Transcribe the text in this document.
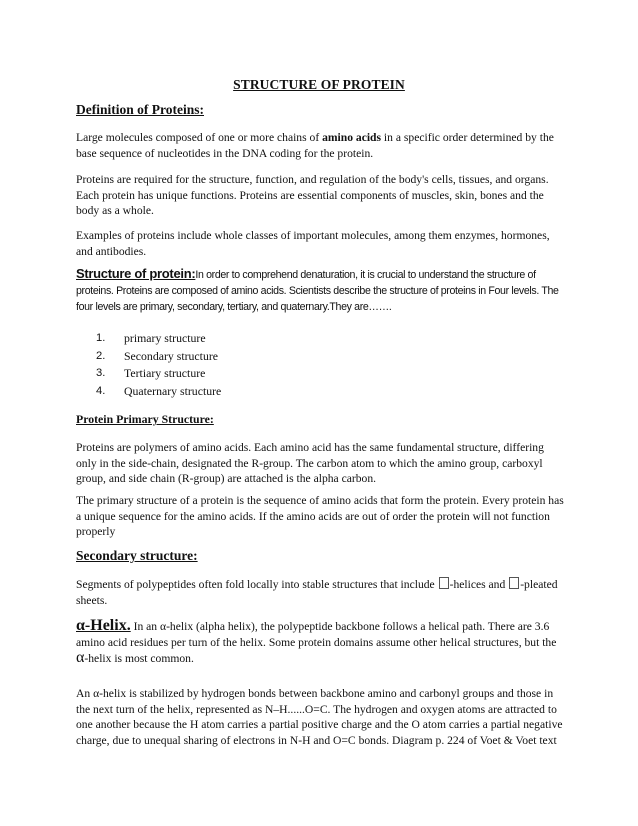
STRUCTURE OF PROTEIN

Definition of Proteins:

Large molecules composed of one or more chains of amino acids in a specific order determined by the base sequence of nucleotides in the DNA coding for the protein.

Proteins are required for the structure, function, and regulation of the body's cells, tissues, and organs. Each protein has unique functions. Proteins are essential components of muscles, skin, bones and the body as a whole.

Examples of proteins include whole classes of important molecules, among them enzymes, hormones, and antibodies.

Structure of protein:In order to comprehend denaturation, it is crucial to understand the structure of proteins. Proteins are composed of amino acids. Scientists describe the structure of proteins in Four levels. The four levels are primary, secondary, tertiary, and quaternary.They are…….

1.	primary structure
2.	Secondary structure
3.	Tertiary structure
4.	Quaternary structure

Protein Primary Structure:

Proteins are polymers of amino acids. Each amino acid has the same fundamental structure, differing only in the side-chain, designated the R-group. The carbon atom to which the amino group, carboxyl group, and side chain (R-group) are attached is the alpha carbon.

The primary structure of a protein is the sequence of amino acids that form the protein. Every protein has a unique sequence for the amino acids. If the amino acids are out of order the protein will not function properly

Secondary structure:

Segments of polypeptides often fold locally into stable structures that include -helices and -pleated sheets.

α-Helix. In an α-helix (alpha helix), the polypeptide backbone follows a helical path. There are 3.6 amino acid residues per turn of the helix. Some protein domains assume other helical structures, but the α-helix is most common.

An α-helix is stabilized by hydrogen bonds between backbone amino and carbonyl groups and those in the next turn of the helix, represented as N–H......O=C. The hydrogen and oxygen atoms are attracted to one another because the H atom carries a partial positive charge and the O atom carries a partial negative charge, due to unequal sharing of electrons in N-H and O=C bonds. Diagram p. 224 of Voet & Voet text
